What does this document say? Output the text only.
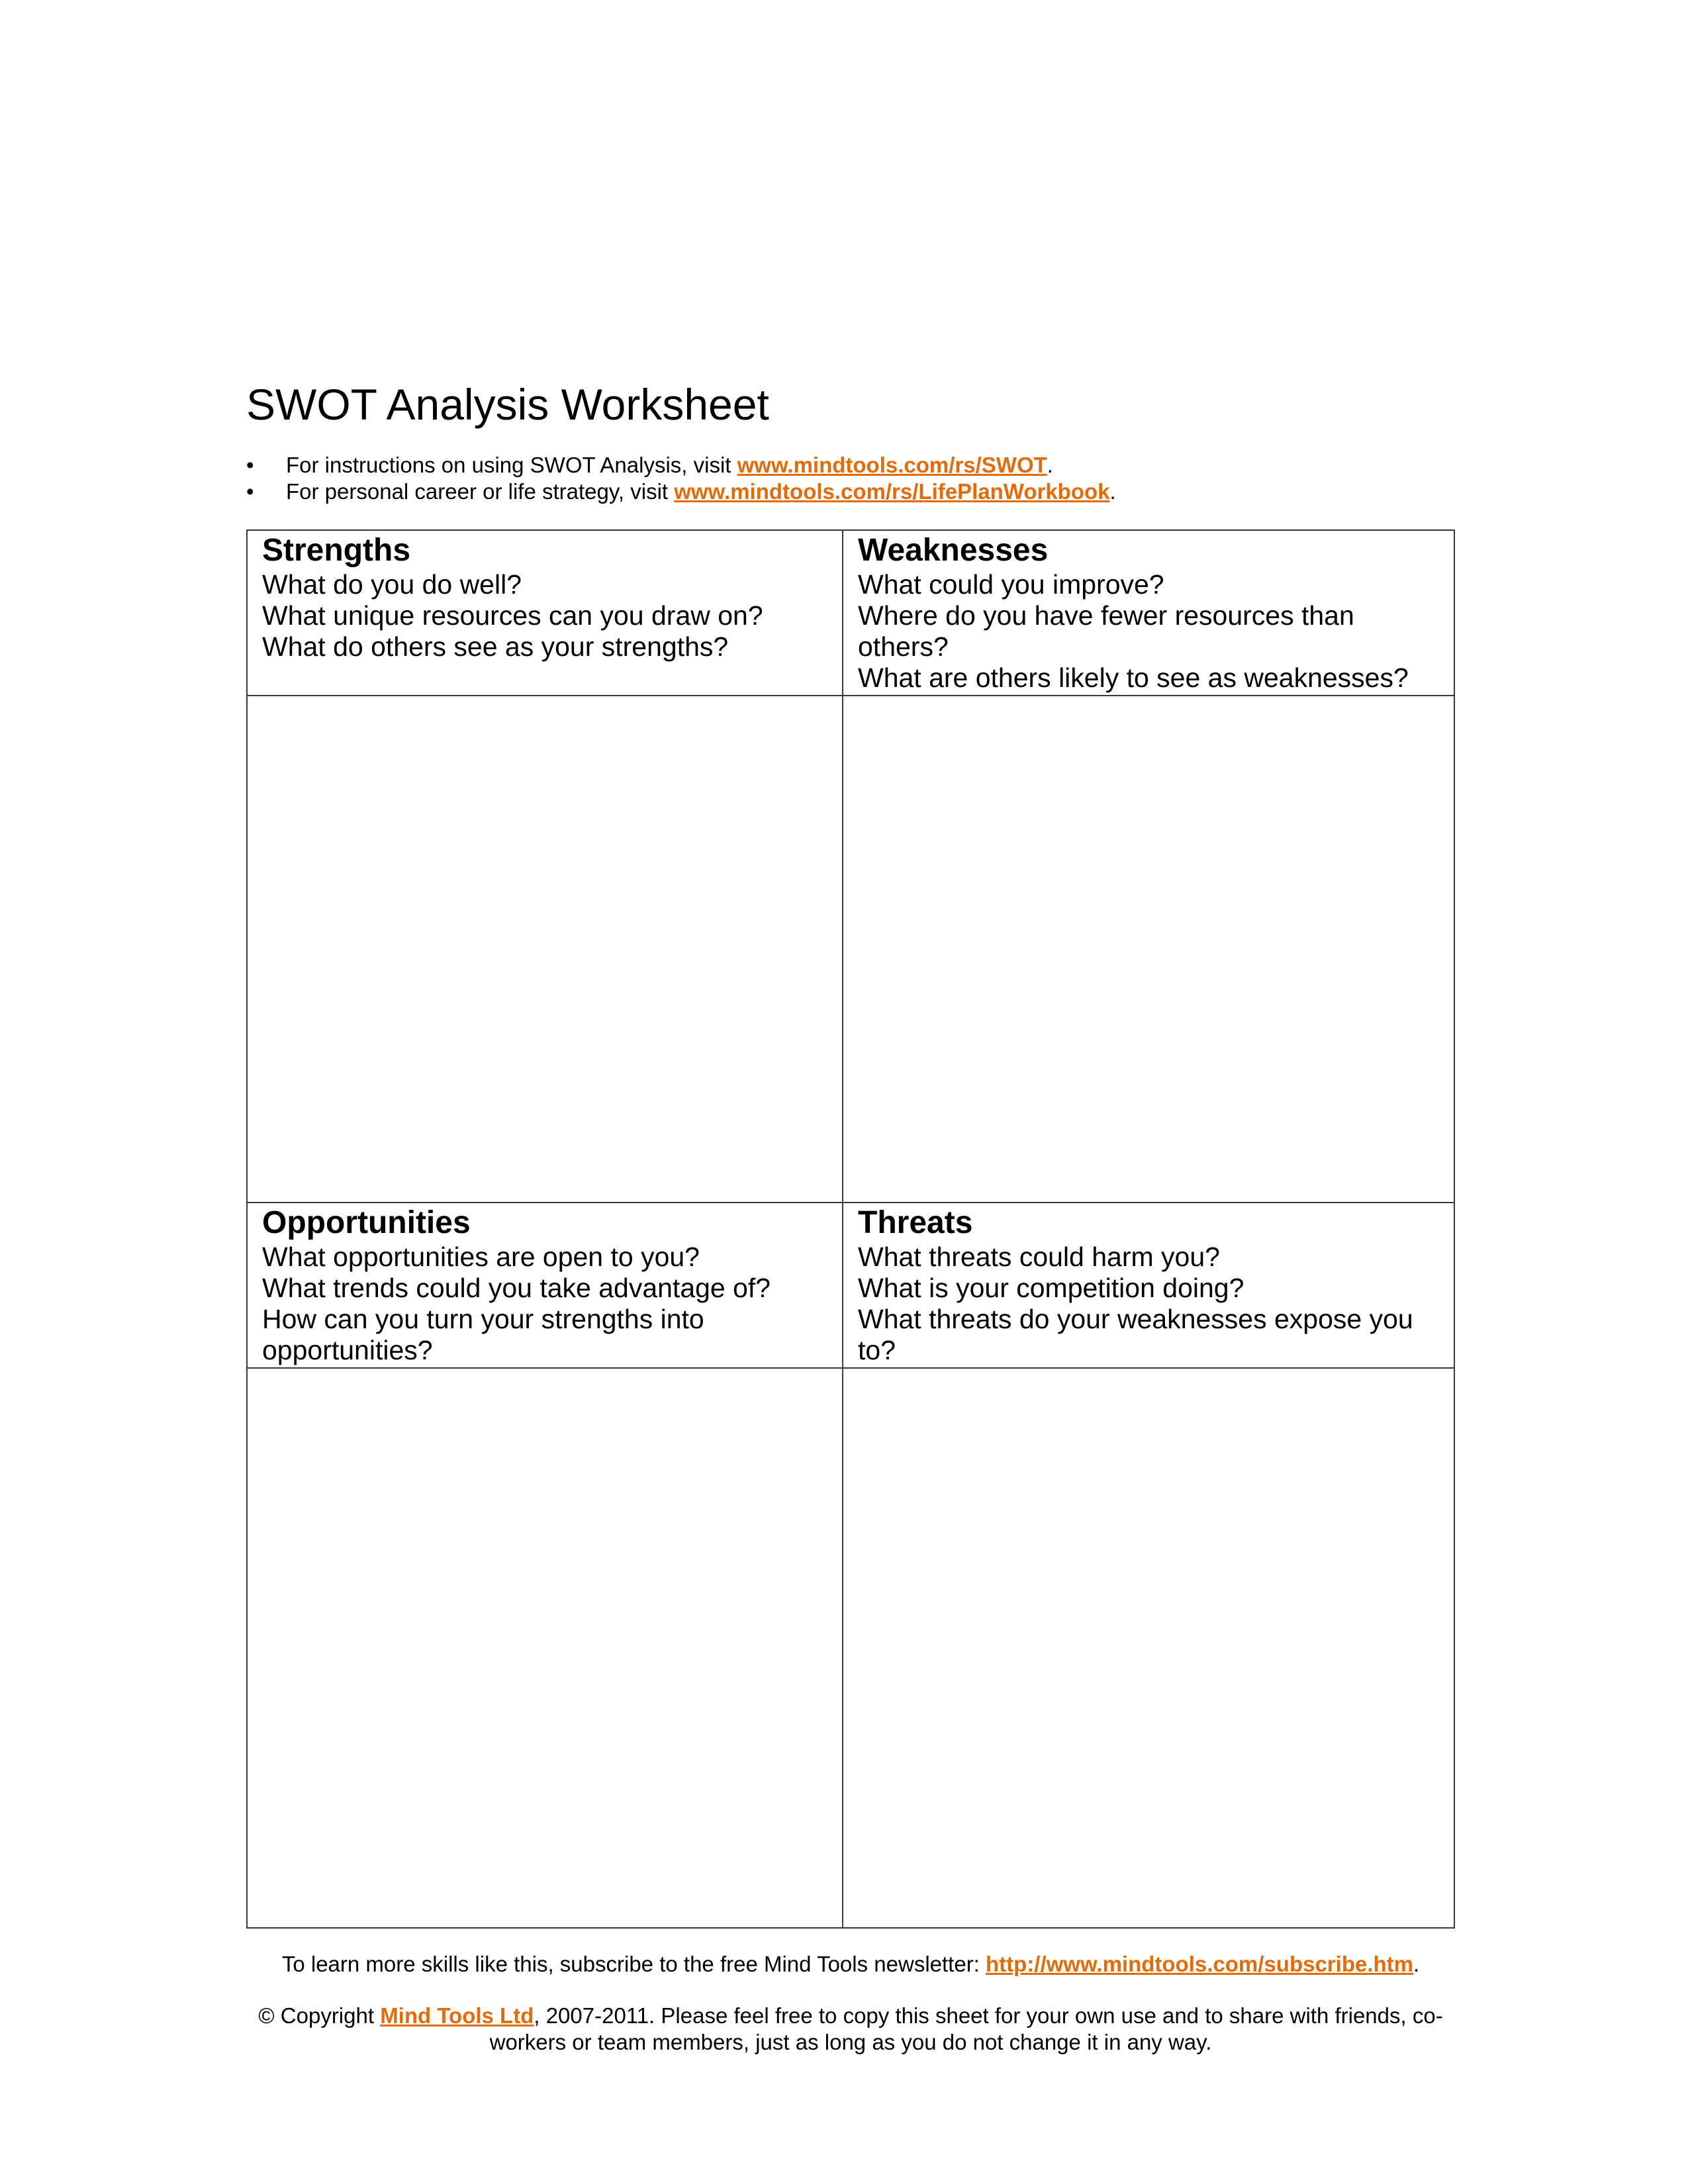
SWOT Analysis Worksheet
• For instructions on using SWOT Analysis, visit www.mindtools.com/rs/SWOT.
• For personal career or life strategy, visit www.mindtools.com/rs/LifePlanWorkbook.
Strengths
What do you do well?
What unique resources can you draw on?
What do others see as your strengths?
Weaknesses
What could you improve?
Where do you have fewer resources than others?
What are others likely to see as weaknesses?
Opportunities
What opportunities are open to you?
What trends could you take advantage of?
How can you turn your strengths into opportunities?
Threats
What threats could harm you?
What is your competition doing?
What threats do your weaknesses expose you to?
To learn more skills like this, subscribe to the free Mind Tools newsletter: http://www.mindtools.com/subscribe.htm.
© Copyright Mind Tools Ltd, 2007-2011. Please feel free to copy this sheet for your own use and to share with friends, co-workers or team members, just as long as you do not change it in any way.
